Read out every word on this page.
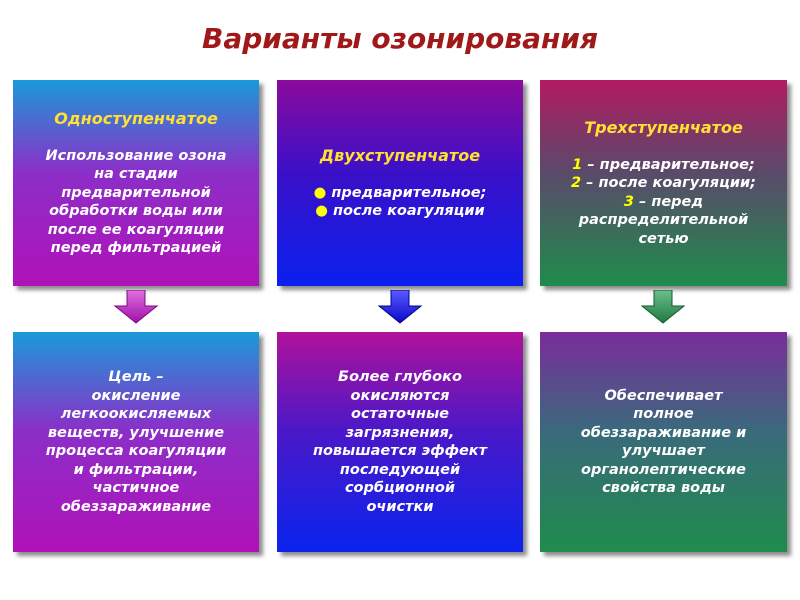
Варианты озонирования
Одноступенчатое
Использование озона
на стадии
предварительной
обработки воды или
после ее коагуляции
перед фильтрацией
Двухступенчатое
● предварительное;
● после коагуляции
Трехступенчатое
1 – предварительное;
2 – после коагуляции;
3 – перед
распределительной
сетью
Цель –
окисление
легкоокисляемых
веществ, улучшение
процесса коагуляции
и фильтрации,
частичное
обеззараживание
Более глубоко
окисляются
остаточные
загрязнения,
повышается эффект
последующей
сорбционной
очистки
Обеспечивает
полное
обеззараживание и
улучшает
органолептические
свойства воды
